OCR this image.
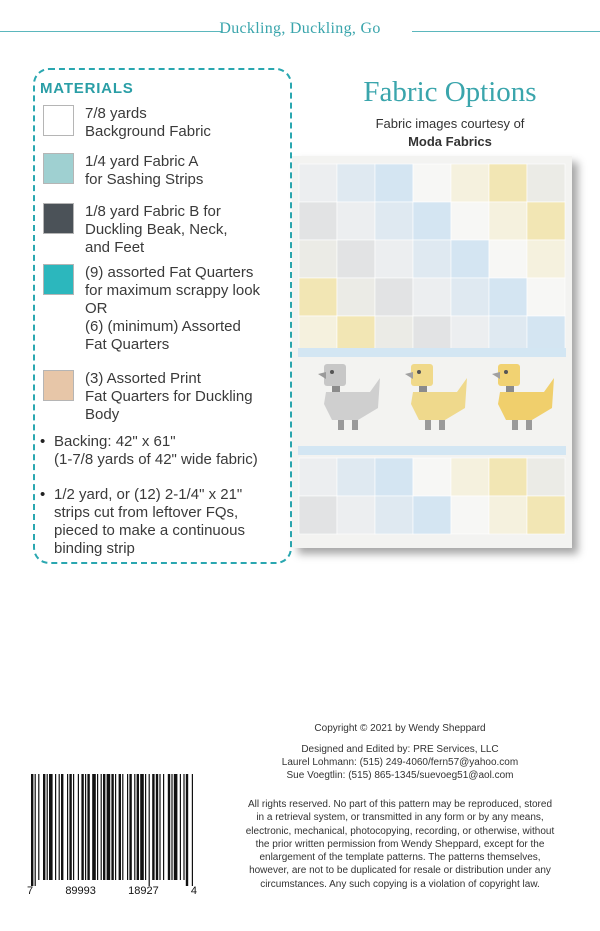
Duckling, Duckling, Go
MATERIALS
7/8 yards
Background Fabric
1/4 yard Fabric A
for Sashing Strips
1/8 yard Fabric B for
Duckling Beak, Neck,
and Feet
(9) assorted Fat Quarters
for maximum scrappy look
OR
(6) (minimum) Assorted
Fat Quarters
(3) Assorted Print
Fat Quarters for Duckling
Body
• Backing: 42" x 61"
(1-7/8 yards of 42" wide fabric)
• 1/2 yard, or (12) 2-1/4" x 21"
strips cut from leftover FQs,
pieced to make a continuous
binding strip
Fabric Options
Fabric images courtesy of
Moda Fabrics
7	89993	18927	4
Copyright © 2021 by Wendy Sheppard
Designed and Edited by: PRE Services, LLC
Laurel Lohmann: (515) 249-4060/fern57@yahoo.com
Sue Voegtlin: (515) 865-1345/suevoeg51@aol.com
All rights reserved. No part of this pattern may be reproduced, stored
in a retrieval system, or transmitted in any form or by any means,
electronic, mechanical, photocopying, recording, or otherwise, without
the prior written permission from Wendy Sheppard, except for the
enlargement of the template patterns. The patterns themselves,
however, are not to be duplicated for resale or distribution under any
circumstances. Any such copying is a violation of copyright law.
